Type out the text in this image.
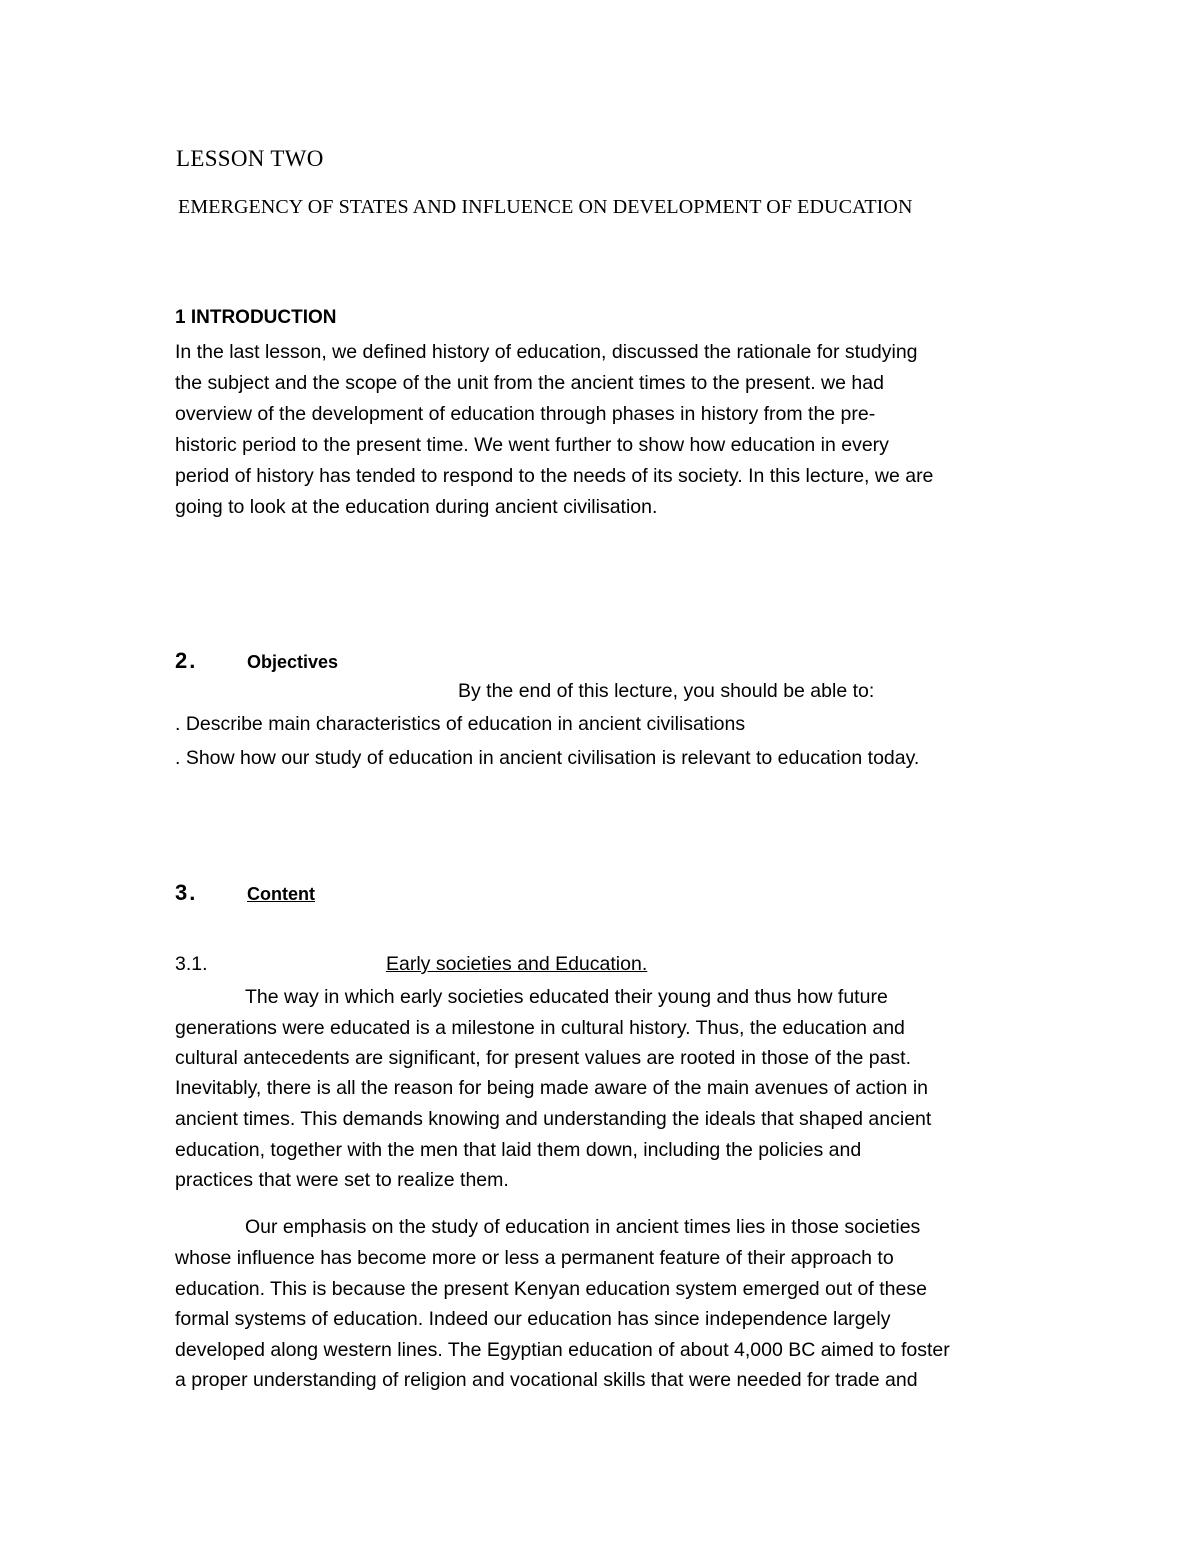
LESSON TWO

EMERGENCY OF STATES AND INFLUENCE ON DEVELOPMENT OF EDUCATION

1 INTRODUCTION

In the last lesson, we defined history of education, discussed the rationale for studying

the subject and the scope of the unit from the ancient times to the present. we had

overview of the development of education through phases in history from the pre-

historic period to the present time. We went further to show how education in every

period of history has tended to respond to the needs of its society. In this lecture, we are

going to look at the education during ancient civilisation.

2.	Objectives

By the end of this lecture, you should be able to:

. Describe main characteristics of education in ancient civilisations

. Show how our study of education in ancient civilisation is relevant to education today.

3.	Content

3.1.	Early societies and Education.

The way in which early societies educated their young and thus how future

generations were educated is a milestone in cultural history. Thus, the education and

cultural antecedents are significant, for present values are rooted in those of the past.

Inevitably, there is all the reason for being made aware of the main avenues of action in

ancient times. This demands knowing and understanding the ideals that shaped ancient

education, together with the men that laid them down, including the policies and

practices that were set to realize them.

Our emphasis on the study of education in ancient times lies in those societies

whose influence has become more or less a permanent feature of their approach to

education. This is because the present Kenyan education system emerged out of these

formal systems of education. Indeed our education has since independence largely

developed along western lines. The Egyptian education of about 4,000 BC aimed to foster

a proper understanding of religion and vocational skills that were needed for trade and
